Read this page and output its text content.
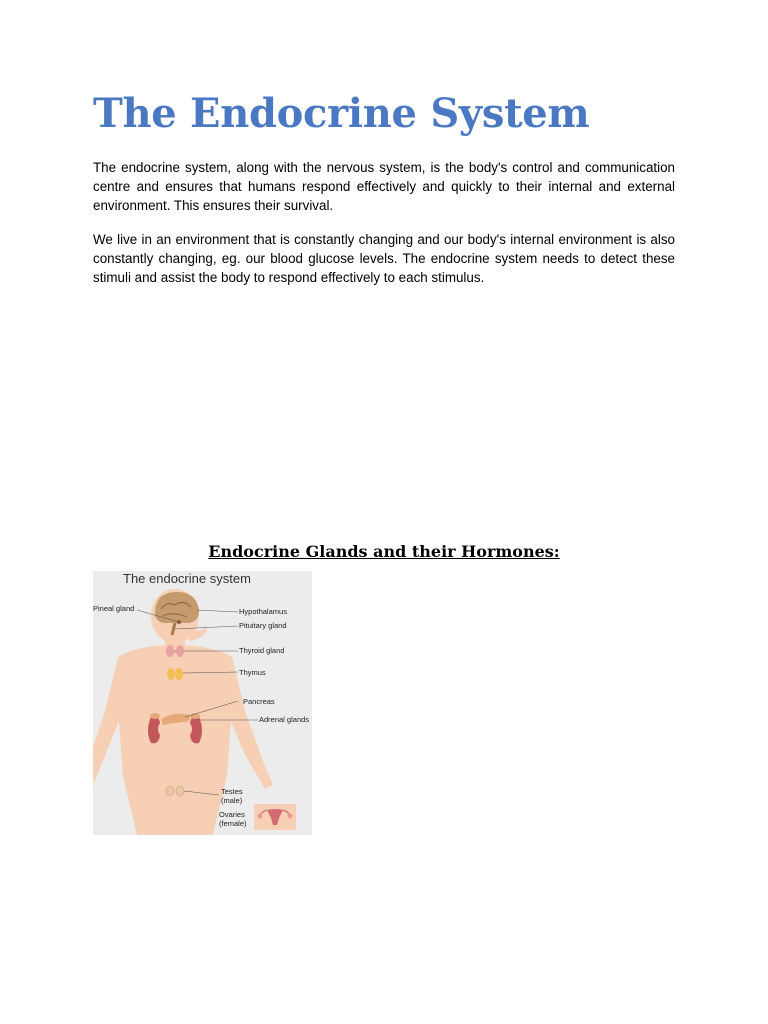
The Endocrine System

The endocrine system, along with the nervous system, is the body's control and communication centre and ensures that humans respond effectively and quickly to their internal and external environment. This ensures their survival.

We live in an environment that is constantly changing and our body's internal environment is also constantly changing, eg. our blood glucose levels. The endocrine system needs to detect these stimuli and assist the body to respond effectively to each stimulus.

Endocrine Glands and their Hormones:
The endocrine system
Pineal gland	Hypothalamus
Pituitary gland
Thyroid gland
Thymus
Pancreas
Adrenal glands
Testes
(male)
Ovaries
(female)
